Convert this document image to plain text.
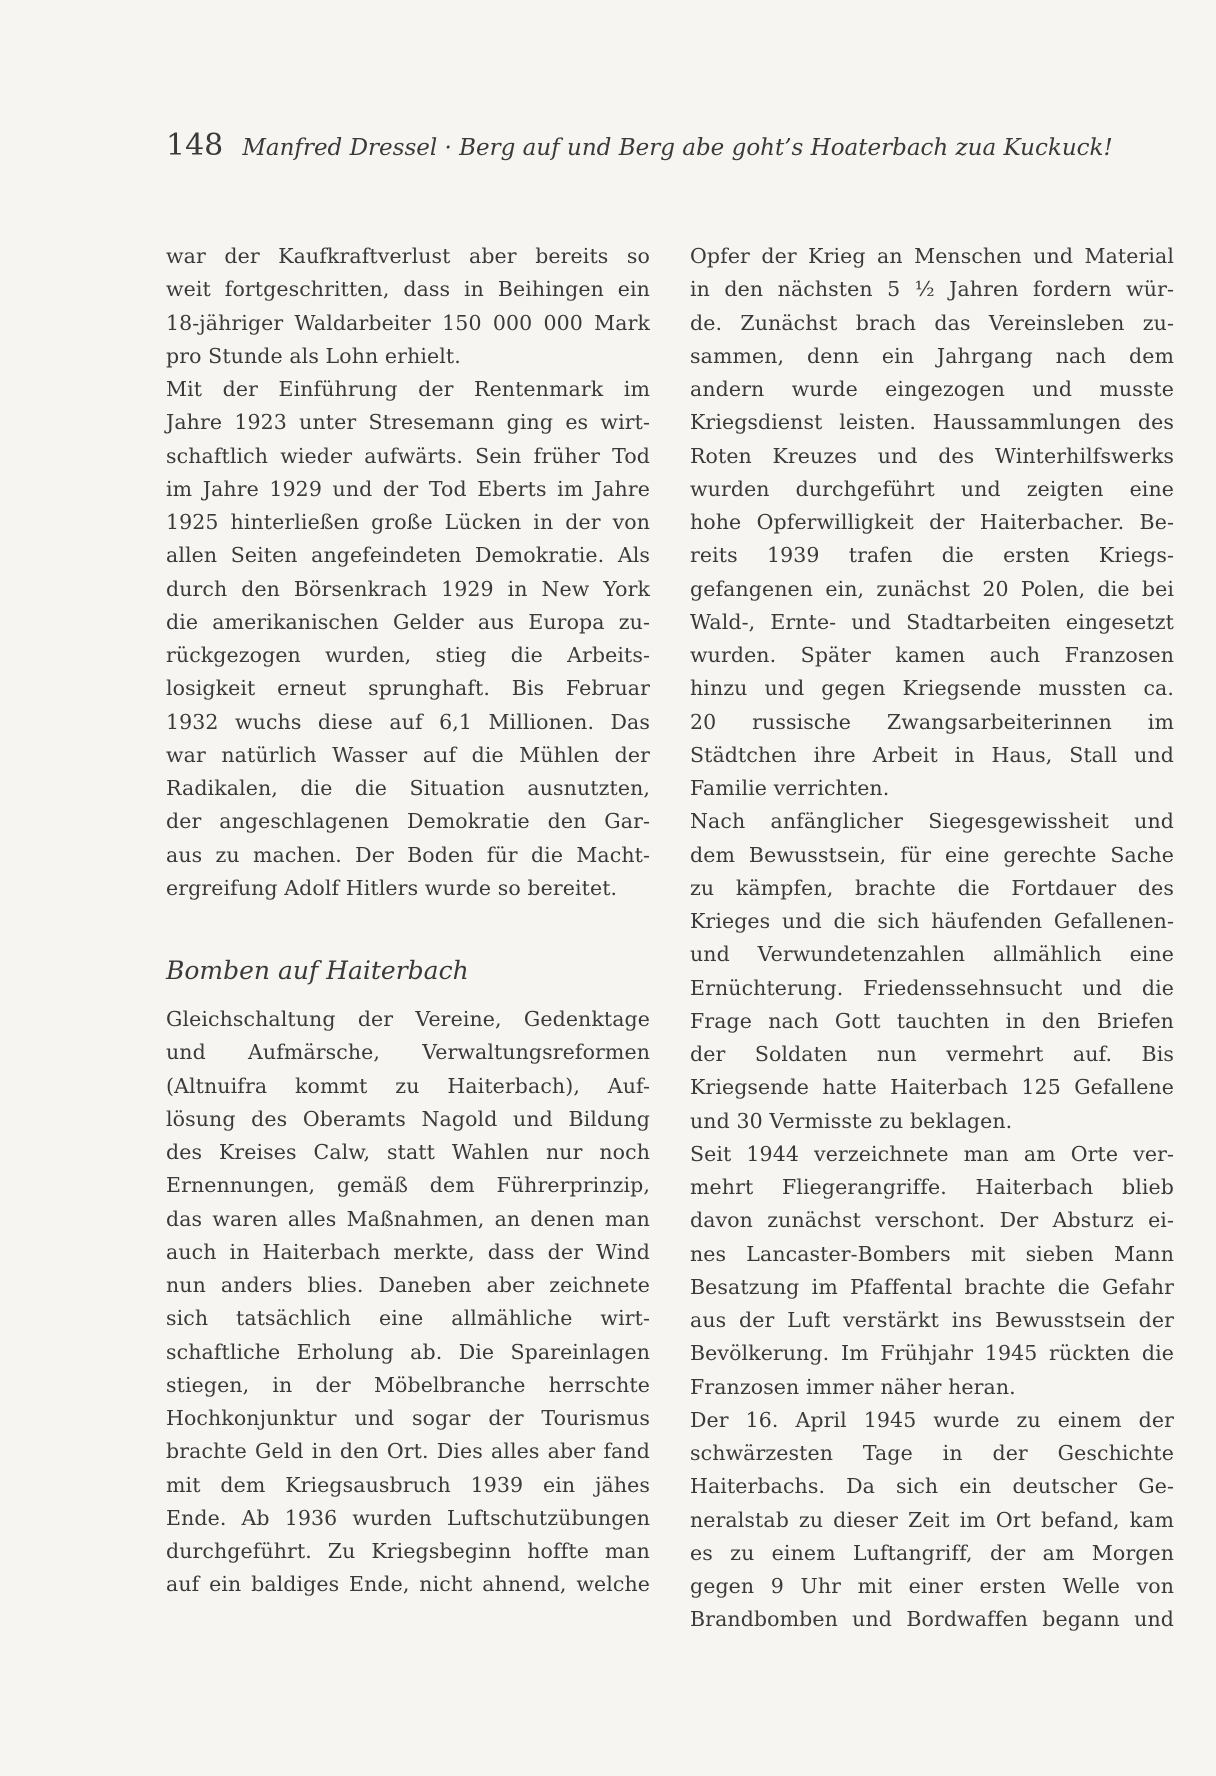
148 Manfred Dressel · Berg auf und Berg abe goht’s Hoaterbach zua Kuckuck!
war der Kaufkraftverlust aber bereits so
weit fortgeschritten, dass in Beihingen ein
18-jähriger Waldarbeiter 150 000 000 Mark
pro Stunde als Lohn erhielt.
Mit der Einführung der Rentenmark im
Jahre 1923 unter Stresemann ging es wirt-
schaftlich wieder aufwärts. Sein früher Tod
im Jahre 1929 und der Tod Eberts im Jahre
1925 hinterließen große Lücken in der von
allen Seiten angefeindeten Demokratie. Als
durch den Börsenkrach 1929 in New York
die amerikanischen Gelder aus Europa zu-
rückgezogen wurden, stieg die Arbeits-
losigkeit erneut sprunghaft. Bis Februar
1932 wuchs diese auf 6,1 Millionen. Das
war natürlich Wasser auf die Mühlen der
Radikalen, die die Situation ausnutzten,
der angeschlagenen Demokratie den Gar-
aus zu machen. Der Boden für die Macht-
ergreifung Adolf Hitlers wurde so bereitet.
Bomben auf Haiterbach
Gleichschaltung der Vereine, Gedenktage
und Aufmärsche, Verwaltungsreformen
(Altnuifra kommt zu Haiterbach), Auf-
lösung des Oberamts Nagold und Bildung
des Kreises Calw, statt Wahlen nur noch
Ernennungen, gemäß dem Führerprinzip,
das waren alles Maßnahmen, an denen man
auch in Haiterbach merkte, dass der Wind
nun anders blies. Daneben aber zeichnete
sich tatsächlich eine allmähliche wirt-
schaftliche Erholung ab. Die Spareinlagen
stiegen, in der Möbelbranche herrschte
Hochkonjunktur und sogar der Tourismus
brachte Geld in den Ort. Dies alles aber fand
mit dem Kriegsausbruch 1939 ein jähes
Ende. Ab 1936 wurden Luftschutzübungen
durchgeführt. Zu Kriegsbeginn hoffte man
auf ein baldiges Ende, nicht ahnend, welche
Opfer der Krieg an Menschen und Material
in den nächsten 5 ½ Jahren fordern wür-
de. Zunächst brach das Vereinsleben zu-
sammen, denn ein Jahrgang nach dem
andern wurde eingezogen und musste
Kriegsdienst leisten. Haussammlungen des
Roten Kreuzes und des Winterhilfswerks
wurden durchgeführt und zeigten eine
hohe Opferwilligkeit der Haiterbacher. Be-
reits 1939 trafen die ersten Kriegs-
gefangenen ein, zunächst 20 Polen, die bei
Wald-, Ernte- und Stadtarbeiten eingesetzt
wurden. Später kamen auch Franzosen
hinzu und gegen Kriegsende mussten ca.
20 russische Zwangsarbeiterinnen im
Städtchen ihre Arbeit in Haus, Stall und
Familie verrichten.
Nach anfänglicher Siegesgewissheit und
dem Bewusstsein, für eine gerechte Sache
zu kämpfen, brachte die Fortdauer des
Krieges und die sich häufenden Gefallenen-
und Verwundetenzahlen allmählich eine
Ernüchterung. Friedenssehnsucht und die
Frage nach Gott tauchten in den Briefen
der Soldaten nun vermehrt auf. Bis
Kriegsende hatte Haiterbach 125 Gefallene
und 30 Vermisste zu beklagen.
Seit 1944 verzeichnete man am Orte ver-
mehrt Fliegerangriffe. Haiterbach blieb
davon zunächst verschont. Der Absturz ei-
nes Lancaster-Bombers mit sieben Mann
Besatzung im Pfaffental brachte die Gefahr
aus der Luft verstärkt ins Bewusstsein der
Bevölkerung. Im Frühjahr 1945 rückten die
Franzosen immer näher heran.
Der 16. April 1945 wurde zu einem der
schwärzesten Tage in der Geschichte
Haiterbachs. Da sich ein deutscher Ge-
neralstab zu dieser Zeit im Ort befand, kam
es zu einem Luftangriff, der am Morgen
gegen 9 Uhr mit einer ersten Welle von
Brandbomben und Bordwaffen begann und
